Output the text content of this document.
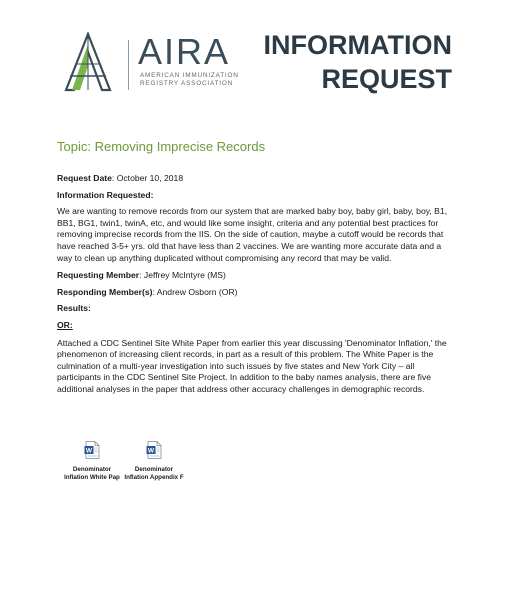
AIRA
AMERICAN IMMUNIZATION
REGISTRY ASSOCIATION
INFORMATION
REQUEST
Topic: Removing Imprecise Records
Request Date: October 10, 2018
Information Requested:
We are wanting to remove records from our system that are marked baby boy, baby girl, baby, boy, B1, BB1, BG1, twin1, twinA, etc, and would like some insight, criteria and any potential best practices for removing imprecise records from the IIS. On the side of caution, maybe a cutoff would be records that have reached 3-5+ yrs. old that have less than 2 vaccines. We are wanting more accurate data and a way to clean up anything duplicated without compromising any record that may be valid.
Requesting Member: Jeffrey McIntyre (MS)
Responding Member(s): Andrew Osborn (OR)
Results:
OR:
Attached a CDC Sentinel Site White Paper from earlier this year discussing 'Denominator Inflation,' the phenomenon of increasing client records, in part as a result of this problem. The White Paper is the culmination of a multi-year investigation into such issues by five states and New York City – all participants in the CDC Sentinel Site Project. In addition to the baby names analysis, there are five additional analyses in the paper that address other accuracy challenges in demographic records.
W
Denominator
Inflation White Pap
W
Denominator
Inflation Appendix F
